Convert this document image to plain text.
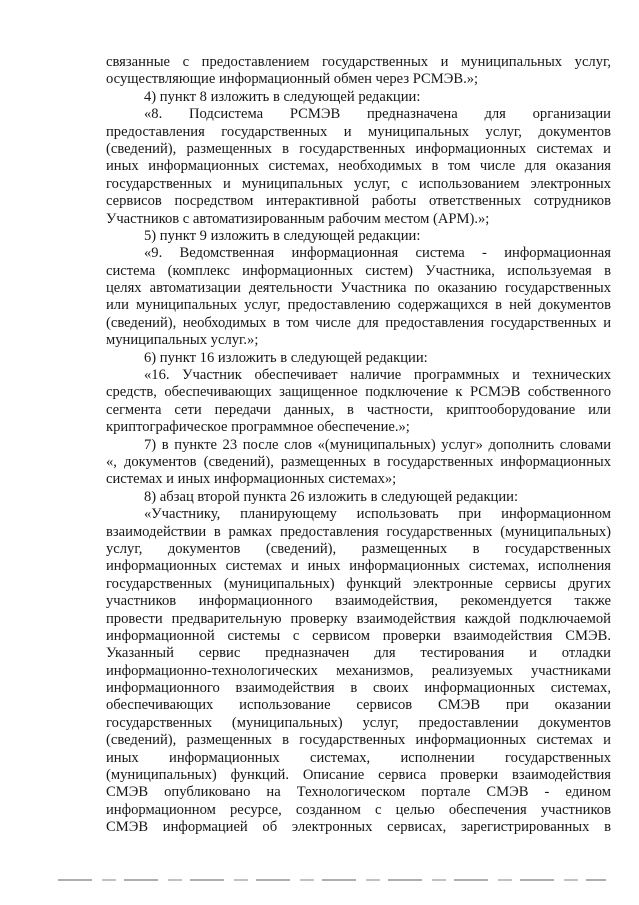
связанные с предоставлением государственных и муниципальных услуг,
осуществляющие информационный обмен через РСМЭВ.»;
4) пункт 8 изложить в следующей редакции:
«8. Подсистема РСМЭВ предназначена для организации
предоставления государственных и муниципальных услуг, документов
(сведений), размещенных в государственных информационных системах и
иных информационных системах, необходимых в том числе для оказания
государственных и муниципальных услуг, с использованием электронных
сервисов посредством интерактивной работы ответственных сотрудников
Участников с автоматизированным рабочим местом (АРМ).»;
5) пункт 9 изложить в следующей редакции:
«9. Ведомственная информационная система - информационная
система (комплекс информационных систем) Участника, используемая в
целях автоматизации деятельности Участника по оказанию государственных
или муниципальных услуг, предоставлению содержащихся в ней документов
(сведений), необходимых в том числе для предоставления государственных и
муниципальных услуг.»;
6) пункт 16 изложить в следующей редакции:
«16. Участник обеспечивает наличие программных и технических
средств, обеспечивающих защищенное подключение к РСМЭВ собственного
сегмента сети передачи данных, в частности, криптооборудование или
криптографическое программное обеспечение.»;
7) в пункте 23 после слов «(муниципальных) услуг» дополнить словами
«, документов (сведений), размещенных в государственных информационных
системах и иных информационных системах»;
8) абзац второй пункта 26 изложить в следующей редакции:
«Участнику, планирующему использовать при информационном
взаимодействии в рамках предоставления государственных (муниципальных)
услуг, документов (сведений), размещенных в государственных
информационных системах и иных информационных системах, исполнения
государственных (муниципальных) функций электронные сервисы других
участников информационного взаимодействия, рекомендуется также
провести предварительную проверку взаимодействия каждой подключаемой
информационной системы с сервисом проверки взаимодействия СМЭВ.
Указанный сервис предназначен для тестирования и отладки
информационно-технологических механизмов, реализуемых участниками
информационного взаимодействия в своих информационных системах,
обеспечивающих использование сервисов СМЭВ при оказании
государственных (муниципальных) услуг, предоставлении документов
(сведений), размещенных в государственных информационных системах и
иных информационных системах, исполнении государственных
(муниципальных) функций. Описание сервиса проверки взаимодействия
СМЭВ опубликовано на Технологическом портале СМЭВ - едином
информационном ресурсе, созданном с целью обеспечения участников
СМЭВ информацией об электронных сервисах, зарегистрированных в
